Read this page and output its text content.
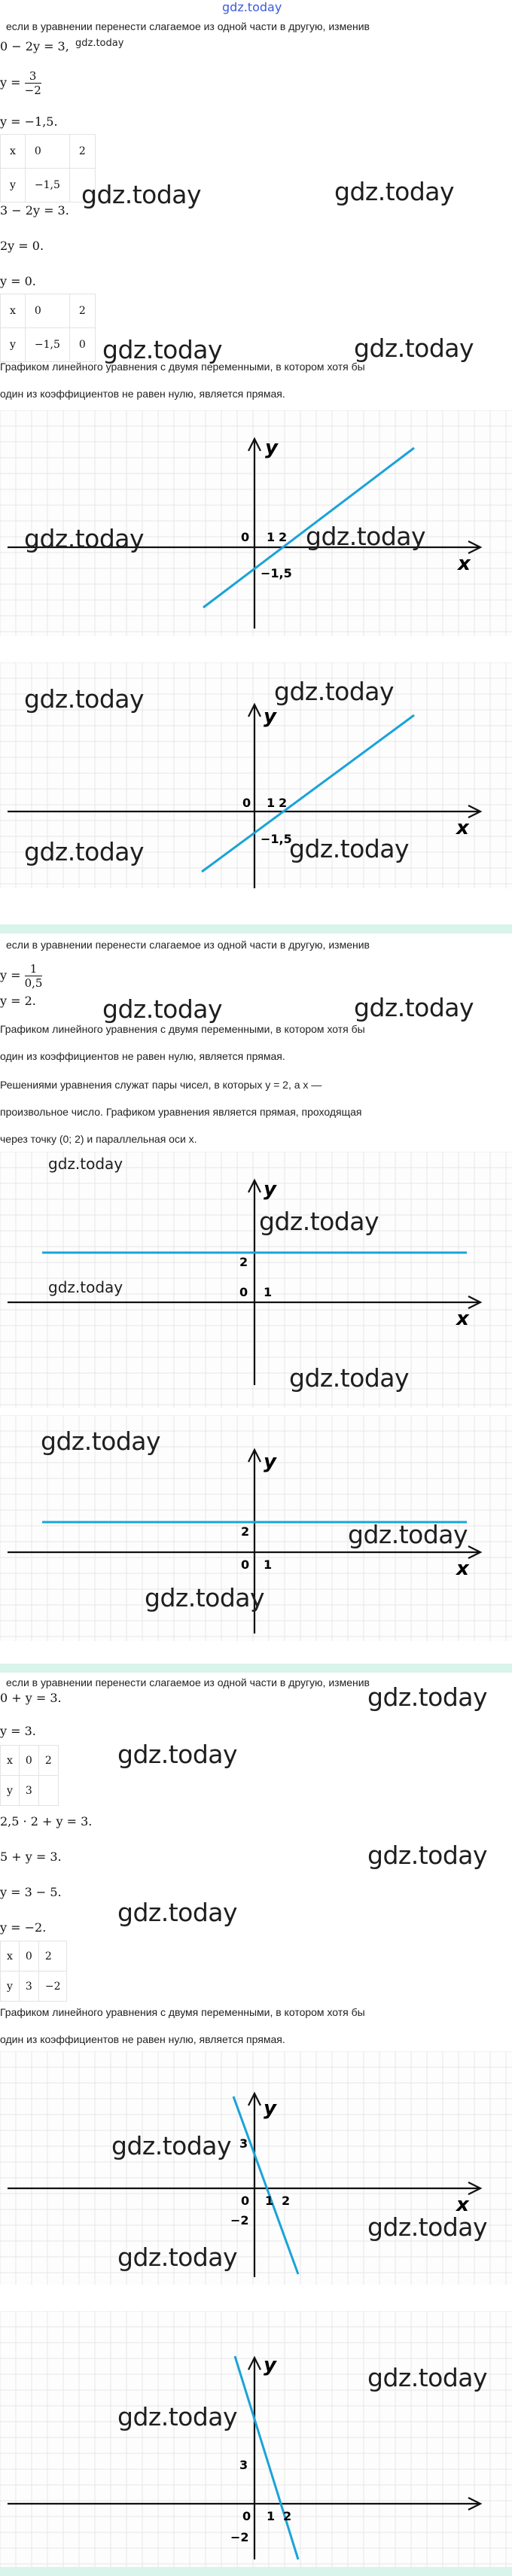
gdz.today
если в уравнении перенести слагаемое из одной части в другую, изменив
0 − 2y = 3, gdz.today
$y = \frac{3}{-2}$
y = −1,5.
x	0	2
y	−1,5	gdz.today	gdz.today
3 − 2y = 3.
2y = 0.
y = 0.
x	0	2
y	−1,5	0 gdz.today	gdz.today
Графиком линейного уравнения с двумя переменными, в котором хотя бы
один из коэффициентов не равен нулю, является прямая.
y
x
0 1 2
−1,5
gdz.today	gdz.today
y
x
0 1 2
−1,5
gdz.today
gdz.today
gdz.today	gdz.today
если в уравнении перенести слагаемое из одной части в другую, изменив
$y = \frac{1}{0,5}$
y = 2.	gdz.today	gdz.today
Графиком линейного уравнения с двумя переменными, в котором хотя бы
один из коэффициентов не равен нулю, является прямая.
Решениями уравнения служат пары чисел, в которых y = 2, а x —
произвольное число. Графиком уравнения является прямая, проходящая
через точку (0; 2) и параллельная оси x.
y
x
0 1
2
gdz.today
gdz.today
gdz.today
gdz.today
y
x
0 1
2
gdz.today
gdz.today
gdz.today
если в уравнении перенести слагаемое из одной части в другую, изменив
0 + y = 3.	gdz.today
y = 3.
x	0	2
y	3	
gdz.today
2,5 · 2 + y = 3.
5 + y = 3.	gdz.today
y = 3 − 5.
gdz.today
y = −2.
x	0	2
y	3	−2
Графиком линейного уравнения с двумя переменными, в котором хотя бы
один из коэффициентов не равен нулю, является прямая.
y
x
0 1 2
3
−2
gdz.today
gdz.today
gdz.today
y
0 1 2
3
−2
gdz.today
gdz.today
